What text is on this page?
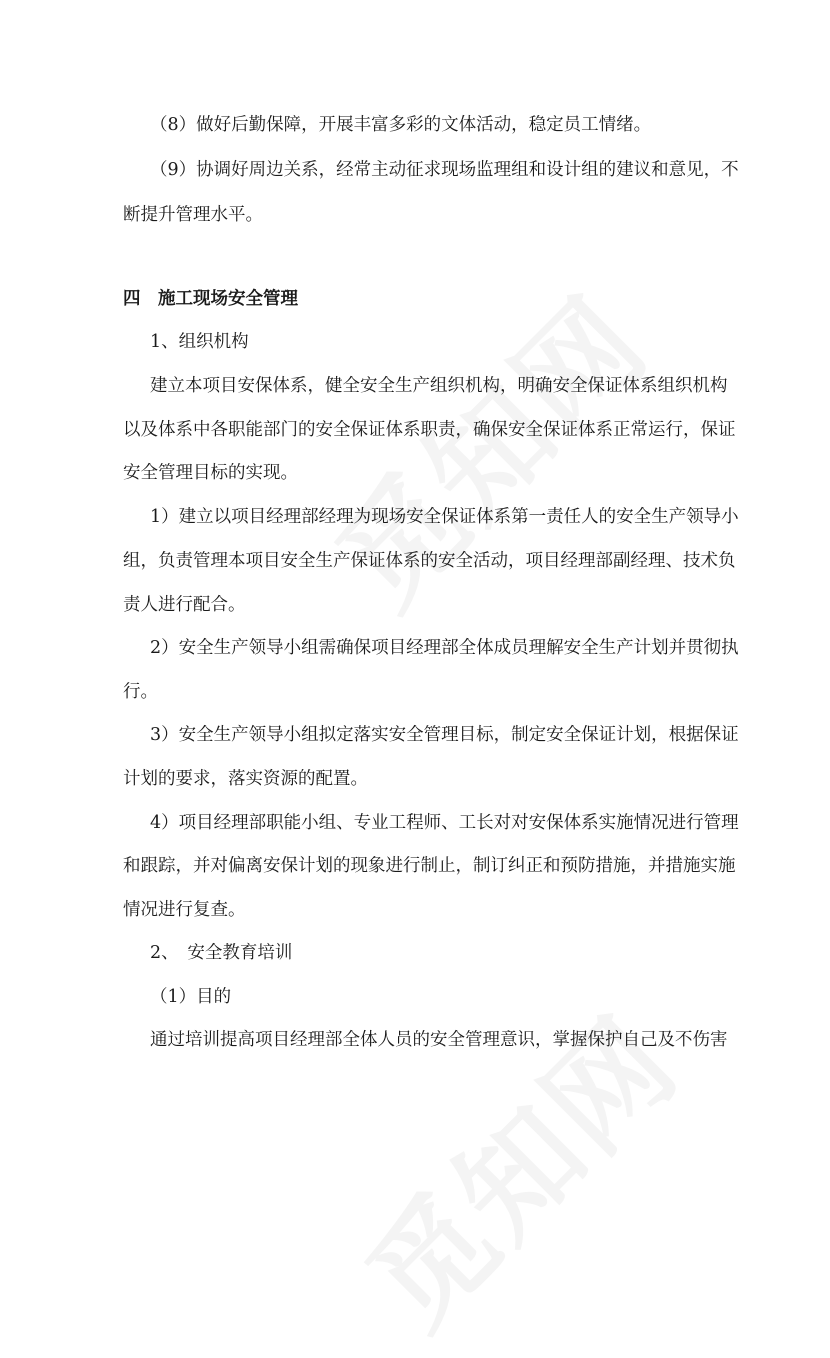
（8）做好后勤保障，开展丰富多彩的文体活动，稳定员工情绪。
（9）协调好周边关系，经常主动征求现场监理组和设计组的建议和意见，不
断提升管理水平。
四　施工现场安全管理
1、组织机构
建立本项目安保体系，健全安全生产组织机构，明确安全保证体系组织机构
以及体系中各职能部门的安全保证体系职责，确保安全保证体系正常运行，保证
安全管理目标的实现。
1）建立以项目经理部经理为现场安全保证体系第一责任人的安全生产领导小
组，负责管理本项目安全生产保证体系的安全活动，项目经理部副经理、技术负
责人进行配合。
2）安全生产领导小组需确保项目经理部全体成员理解安全生产计划并贯彻执
行。
3）安全生产领导小组拟定落实安全管理目标，制定安全保证计划，根据保证
计划的要求，落实资源的配置。
4）项目经理部职能小组、专业工程师、工长对对安保体系实施情况进行管理
和跟踪，并对偏离安保计划的现象进行制止，制订纠正和预防措施，并措施实施
情况进行复查。
2、　安全教育培训
（1）目的
通过培训提高项目经理部全体人员的安全管理意识，掌握保护自己及不伤害
